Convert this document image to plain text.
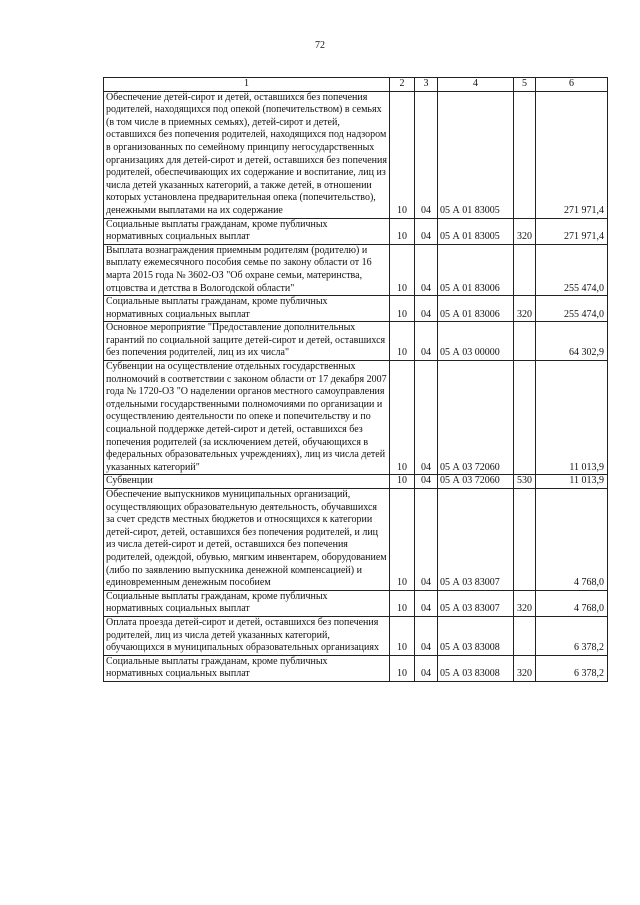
72
1	2	3	4	5	6
Обеспечение детей-сирот и детей, оставшихся без попечения родителей, находящихся под опекой (попечительством) в семьях (в том числе в приемных семьях), детей-сирот и детей, оставшихся без попечения родителей, находящихся под надзором в организованных по семейному принципу негосударственных организациях для детей-сирот и детей, оставшихся без попечения родителей, обеспечивающих их содержание и воспитание, лиц из числа детей указанных категорий, а также детей, в отношении которых установлена предварительная опека (попечительство), денежными выплатами на их содержание	10	04	05 А 01 83005		271 971,4
Социальные выплаты гражданам, кроме публичных нормативных социальных выплат	10	04	05 А 01 83005	320	271 971,4
Выплата вознаграждения приемным родителям (родителю) и выплату ежемесячного пособия семье по закону области от 16 марта 2015 года № 3602-ОЗ "Об охране семьи, материнства, отцовства и детства в Вологодской области"	10	04	05 А 01 83006		255 474,0
Социальные выплаты гражданам, кроме публичных нормативных социальных выплат	10	04	05 А 01 83006	320	255 474,0
Основное мероприятие "Предоставление дополнительных гарантий по социальной защите детей-сирот и детей, оставшихся без попечения родителей, лиц из их числа"	10	04	05 А 03 00000		64 302,9
Субвенции на осуществление отдельных государственных полномочий в соответствии с законом области от 17 декабря 2007 года № 1720-ОЗ "О наделении органов местного самоуправления отдельными государственными полномочиями по организации и осуществлению деятельности по опеке и попечительству и по социальной поддержке детей-сирот и детей, оставшихся без попечения родителей (за исключением детей, обучающихся в федеральных образовательных учреждениях), лиц из числа детей указанных категорий"	10	04	05 А 03 72060		11 013,9
Субвенции	10	04	05 А 03 72060	530	11 013,9
Обеспечение выпускников муниципальных организаций, осуществляющих образовательную деятельность, обучавшихся за счет средств местных бюджетов и относящихся к категории детей-сирот, детей, оставшихся без попечения родителей, и лиц из числа детей-сирот и детей, оставшихся без попечения родителей, одеждой, обувью, мягким инвентарем, оборудованием (либо по заявлению выпускника денежной компенсацией) и единовременным денежным пособием	10	04	05 А 03 83007		4 768,0
Социальные выплаты гражданам, кроме публичных нормативных социальных выплат	10	04	05 А 03 83007	320	4 768,0
Оплата проезда детей-сирот и детей, оставшихся без попечения родителей, лиц из числа детей указанных категорий, обучающихся в муниципальных образовательных организациях	10	04	05 А 03 83008		6 378,2
Социальные выплаты гражданам, кроме публичных нормативных социальных выплат	10	04	05 А 03 83008	320	6 378,2
